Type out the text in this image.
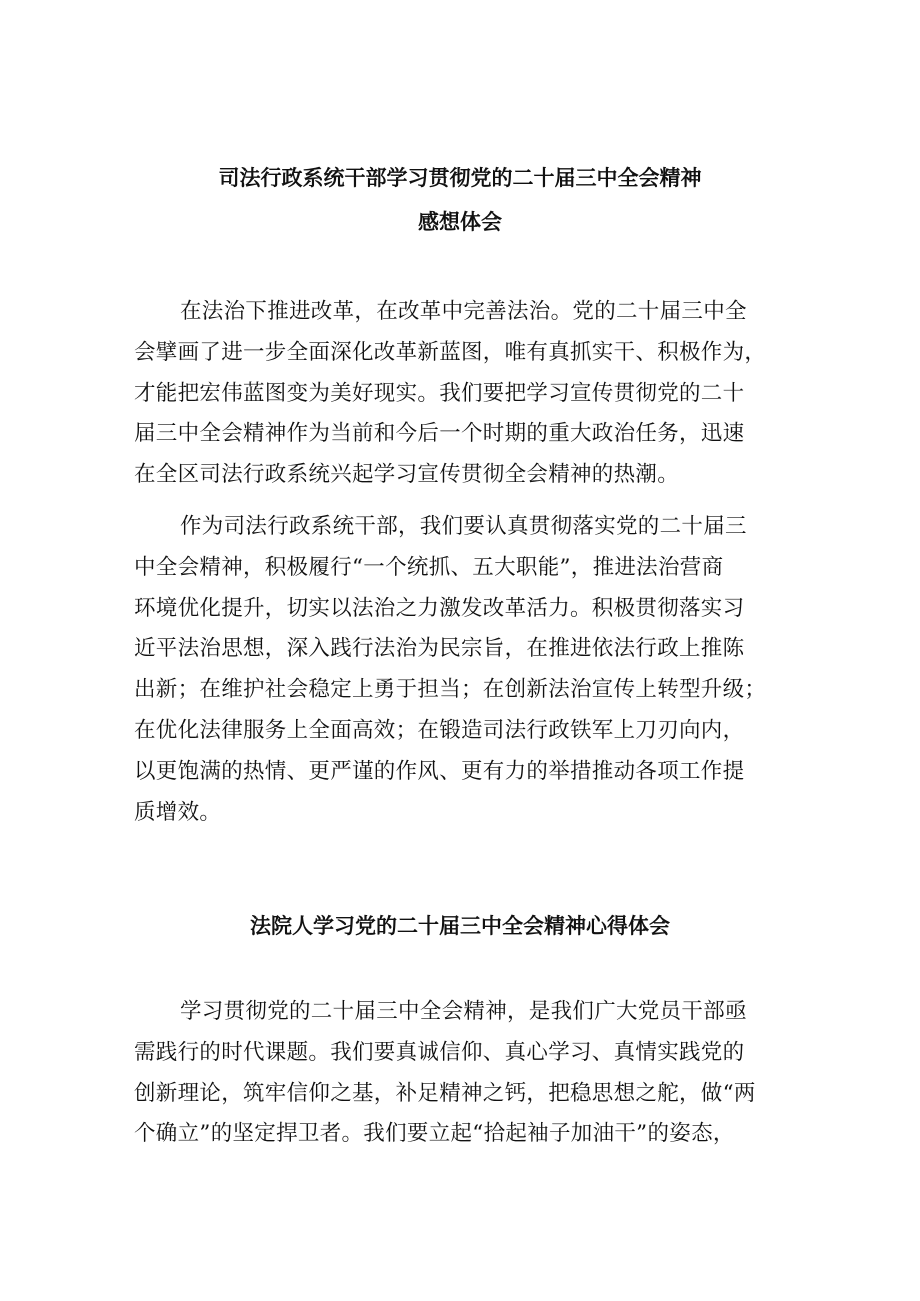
司法行政系统干部学习贯彻党的二十届三中全会精神
感想体会
在法治下推进改革，在改革中完善法治。党的二十届三中全
会擘画了进一步全面深化改革新蓝图，唯有真抓实干、积极作为，
才能把宏伟蓝图变为美好现实。我们要把学习宣传贯彻党的二十
届三中全会精神作为当前和今后一个时期的重大政治任务，迅速
在全区司法行政系统兴起学习宣传贯彻全会精神的热潮。
作为司法行政系统干部，我们要认真贯彻落实党的二十届三
中全会精神，积极履行“一个统抓、五大职能”，推进法治营商
环境优化提升，切实以法治之力激发改革活力。积极贯彻落实习
近平法治思想，深入践行法治为民宗旨，在推进依法行政上推陈
出新；在维护社会稳定上勇于担当；在创新法治宣传上转型升级；
在优化法律服务上全面高效；在锻造司法行政铁军上刀刃向内，
以更饱满的热情、更严谨的作风、更有力的举措推动各项工作提
质增效。
法院人学习党的二十届三中全会精神心得体会
学习贯彻党的二十届三中全会精神，是我们广大党员干部亟
需践行的时代课题。我们要真诚信仰、真心学习、真情实践党的
创新理论，筑牢信仰之基，补足精神之钙，把稳思想之舵，做“两
个确立”的坚定捍卫者。我们要立起“拾起袖子加油干”的姿态，
